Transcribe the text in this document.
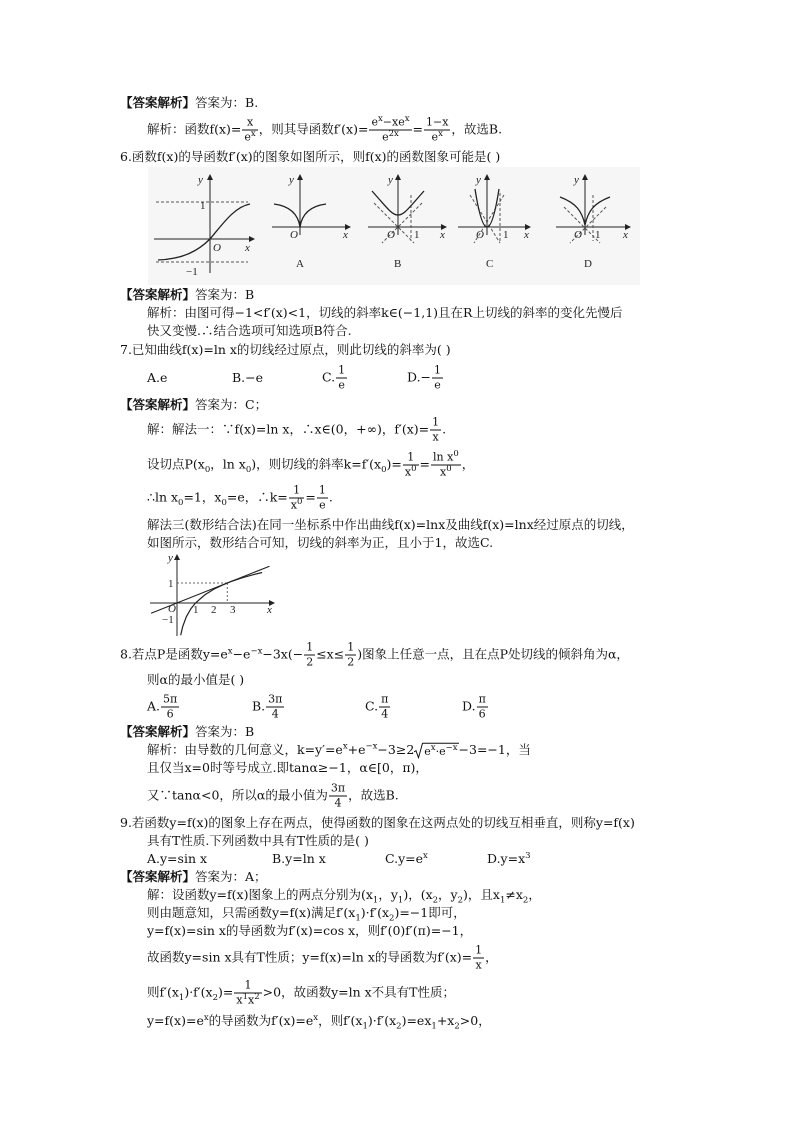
y
1
O x
−1
y
O	x
A
y
O 1 x
B
y
O 1 x
C
y
O 1 x
D
y
1
O 1 2 3	x
−1
【答案解析】答案为：B.
解析：函数$f(x)= \frac{x}{e^x}$ ，则其导函数$f'(x)= \frac{e^x-xe^x}{e^{2x}} = \frac{1-x}{e^x}$ ，故选B.
6.函数f(x)的导函数f′(x)的图象如图所示，则f(x)的函数图象可能是( )
【答案解析】答案为：B
解析：由图可得−1<f′(x)<1，切线的斜率k∈(−1,1)且在R上切线的斜率的变化先慢后
快又变慢.∴结合选项可知选项B符合.
7.已知曲线f(x)=ln x的切线经过原点，则此切线的斜率为( )
A.e	B.−e	C. $\frac{1}{e}$	$D.- \frac{1}{e}$
【答案解析】答案为：C；
解：解法一：∵f(x)=ln x，∴x∈(0，+∞)，$f'(x)= \frac{1}{x}$ .
设切点$P(x_0$，$\ln x_0$)，则切线的斜率$k=f'(x_0)= \frac{1}{x^0} = \frac{\ln x^0}{x^0}$ ，
∴ln $x_0=1$，$x_0=e$，∴k= $\frac{1}{x^0} = \frac{1}{e}$ .
解法三(数形结合法)在同一坐标系中作出曲线f(x)=lnx及曲线f(x)=lnx经过原点的切线，
如图所示，数形结合可知，切线的斜率为正，且小于1，故选C.
8.若点P是函数$y=e^x-e^{-x}-3x(- \frac{1}{2} \le x\le \frac{1}{2}$ )图象上任意一点，且在点P处切线的倾斜角为α，
则α的最小值是( )
A. $\frac{5\pi}{6}$	B. $\frac{3\pi}{4}$	C. $\frac{\pi}{4}$	D. $\frac{\pi}{6}$
【答案解析】答案为：B
解析：由导数的几何意义，$k=y'=e^x+e^{-x}-3\ge 2$ $e^x\cdot e^{-x}-3=-1$，当
且仅当x=0时等号成立.即tanα≥−1，α∈[0，π)，
又∵tanα<0，所以α的最小值为 $\frac{3\pi}{4}$ ，故选B.
9.若函数y=f(x)的图象上存在两点，使得函数的图象在这两点处的切线互相垂直，则称y=f(x)
具有T性质.下列函数中具有T性质的是( )
A.y=sin x	B.y=ln x	$C.y=e^x$	$D.y=x^3$
【答案解析】答案为：A；
解：设函数y=f(x)图象上的两点分别为($x_1$，$y_1$)，($x_2$，$y_2$)，且$x_1\ne x_2$，
则由题意知，只需函数y=f(x)满足$f'(x_1)\cdot f'(x_2)=-1$即可，
y=f(x)=sin x的导函数为f′(x)=cos x，则f′(0)f′(π)=−1，
故函数y=sin x具有T性质；y=f(x)=ln x的导函数为$f'(x)= \frac{1}{x}$ ，
则$f'(x_1)\cdot f'(x_2)= \frac{1}{x^1x^2} >0$，故函数y=ln x不具有T性质；
$y=f(x)=e^x$的导函数为$f'(x)=e^x$，则$f'(x_1)\cdot f'(x_2)=ex_1+x_2>0$，
